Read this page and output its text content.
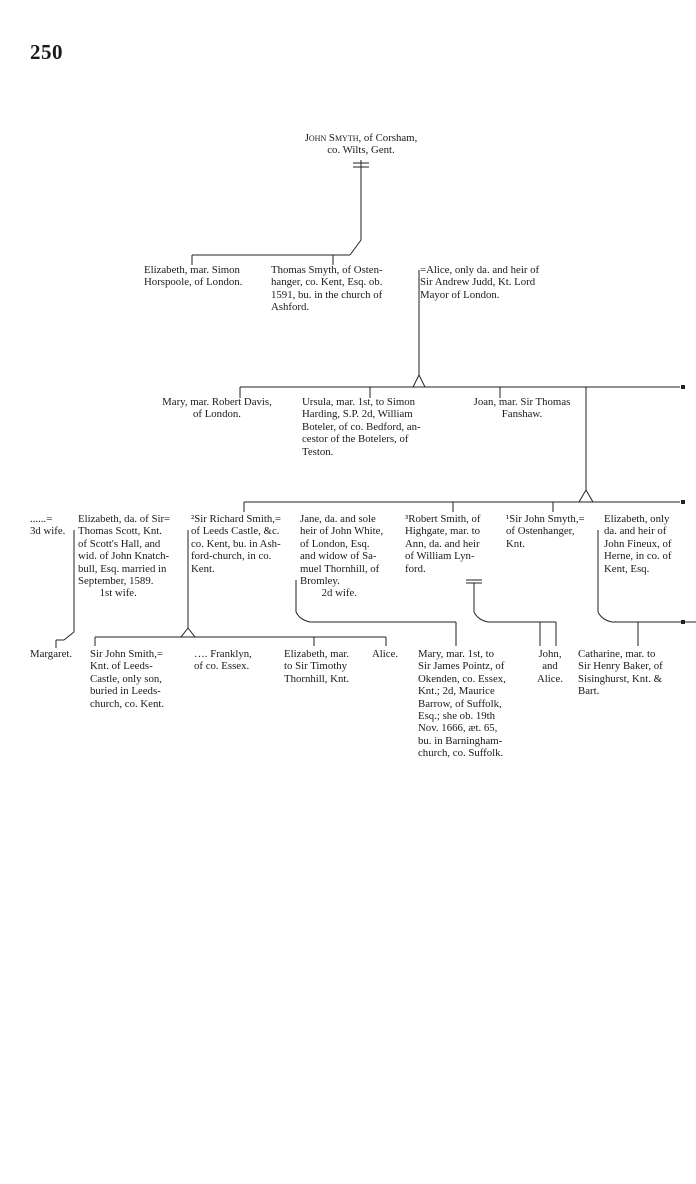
250

John Smyth, of Corsham,
co. Wilts, Gent.

Elizabeth, mar. Simon
Horspoole, of London.

Thomas Smyth, of Osten-
hanger, co. Kent, Esq. ob.
1591, bu. in the church of
Ashford.

=Alice, only da. and heir of
Sir Andrew Judd, Kt. Lord
Mayor of London.

Mary, mar. Robert Davis,
of London.

Ursula, mar. 1st, to Simon
Harding, S.P. 2d, William
Boteler, of co. Bedford, an-
cestor of the Botelers, of
Teston.

Joan, mar. Sir Thomas
Fanshaw.

......=
3d wife.

Elizabeth, da. of Sir=
Thomas Scott, Knt.
of Scott's Hall, and
wid. of John Knatch-
bull, Esq. married in
September, 1589.
1st wife.

²Sir Richard Smith,=
of Leeds Castle, &c.
co. Kent, bu. in Ash-
ford-church, in co.
Kent.

Jane, da. and sole
heir of John White,
of London, Esq.
and widow of Sa-
muel Thornhill, of
Bromley.
2d wife.

³Robert Smith, of
Highgate, mar. to
Ann, da. and heir
of William Lyn-
ford.

¹Sir John Smyth,=
of Ostenhanger,
Knt.

Elizabeth, only
da. and heir of
John Fineux, of
Herne, in co. of
Kent, Esq.

Margaret.	Sir John Smith,=
Knt. of Leeds-
Castle, only son,
buried in Leeds-
church, co. Kent.

…. Franklyn,
of co. Essex.

Elizabeth, mar.
to Sir Timothy
Thornhill, Knt.

Alice.	Mary, mar. 1st, to
Sir James Pointz, of
Okenden, co. Essex,
Knt.; 2d, Maurice
Barrow, of Suffolk,
Esq.; she ob. 19th
Nov. 1666, æt. 65,
bu. in Barningham-
church, co. Suffolk.

John,
and
Alice.

Catharine, mar. to
Sir Henry Baker, of
Sisinghurst, Knt. &
Bart.
